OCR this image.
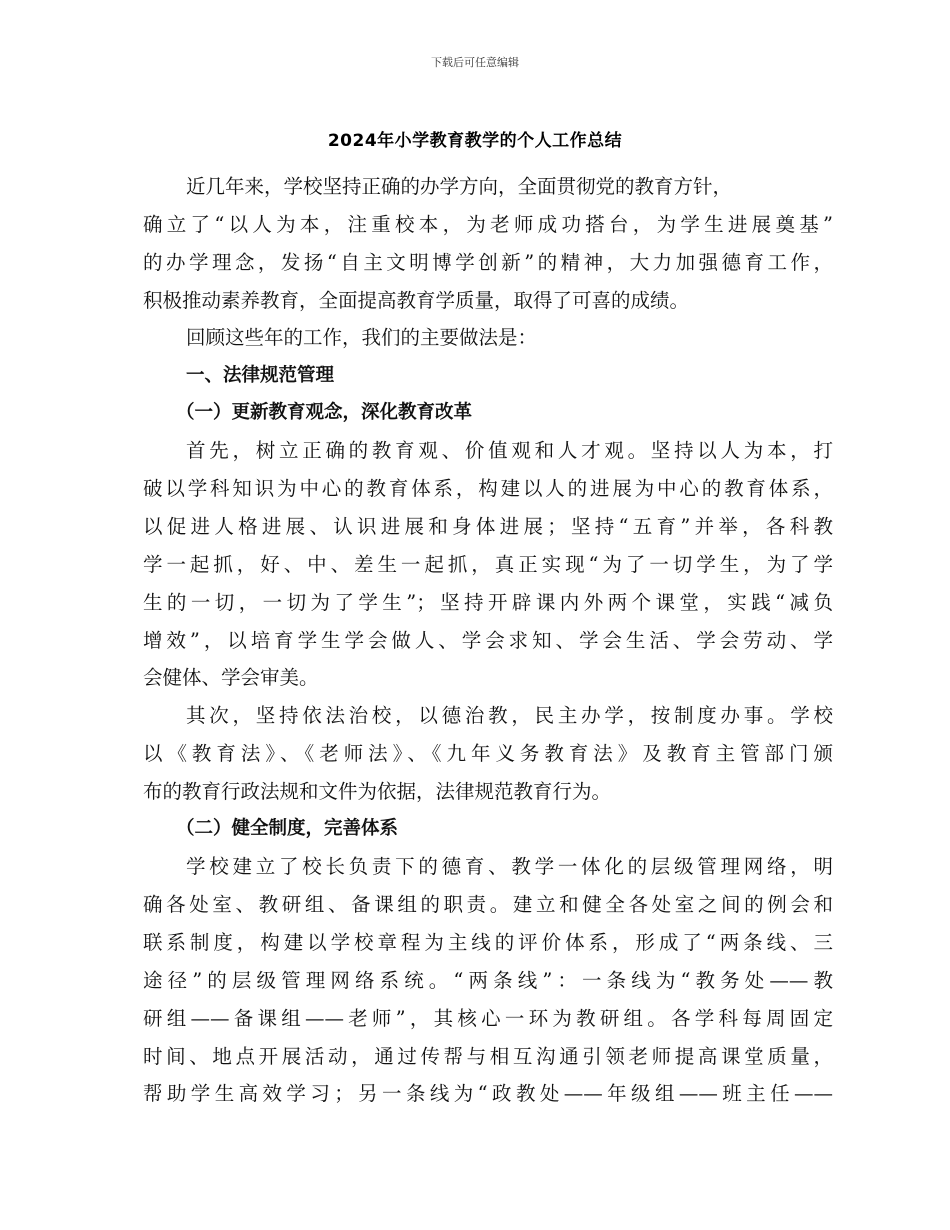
下载后可任意编辑
2024年小学教育教学的个人工作总结
近几年来，学校坚持正确的办学方向，全面贯彻党的教育方针，
确立了“以人为本，注重校本，为老师成功搭台，为学生进展奠基”
的办学理念，发扬“自主文明博学创新”的精神，大力加强德育工作，
积极推动素养教育，全面提高教育学质量，取得了可喜的成绩。
回顾这些年的工作，我们的主要做法是：
一、法律规范管理
（一）更新教育观念，深化教育改革
首先，树立正确的教育观、价值观和人才观。坚持以人为本，打
破以学科知识为中心的教育体系，构建以人的进展为中心的教育体系，
以促进人格进展、认识进展和身体进展；坚持“五育”并举，各科教
学一起抓，好、中、差生一起抓，真正实现“为了一切学生，为了学
生的一切，一切为了学生”；坚持开辟课内外两个课堂，实践“减负
增效”，以培育学生学会做人、学会求知、学会生活、学会劳动、学
会健体、学会审美。
其次，坚持依法治校，以德治教，民主办学，按制度办事。学校
以《教育法》、《老师法》、《九年义务教育法》及教育主管部门颁
布的教育行政法规和文件为依据，法律规范教育行为。
（二）健全制度，完善体系
学校建立了校长负责下的德育、教学一体化的层级管理网络，明
确各处室、教研组、备课组的职责。建立和健全各处室之间的例会和
联系制度，构建以学校章程为主线的评价体系，形成了“两条线、三
途径”的层级管理网络系统。“两条线”：一条线为“教务处——教
研组——备课组——老师”，其核心一环为教研组。各学科每周固定
时间、地点开展活动，通过传帮与相互沟通引领老师提高课堂质量，
帮助学生高效学习；另一条线为“政教处——年级组——班主任——
